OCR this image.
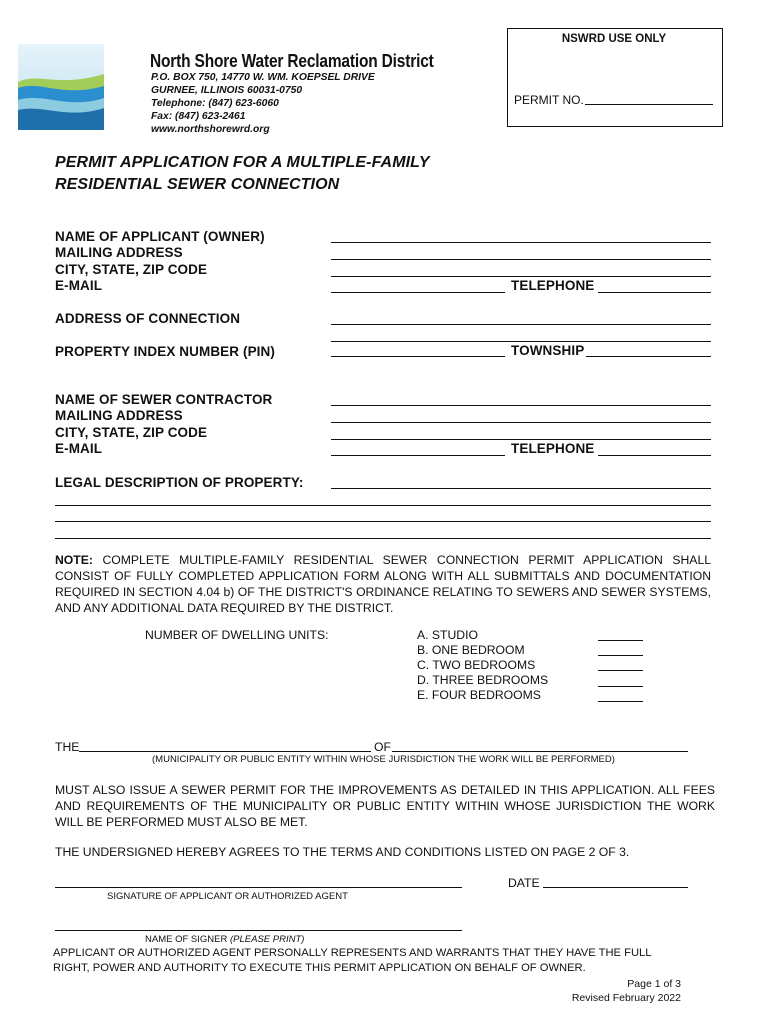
North Shore Water Reclamation District
P.O. BOX 750, 14770 W. WM. KOEPSEL DRIVE
GURNEE, ILLINOIS 60031-0750
Telephone: (847) 623-6060
Fax: (847) 623-2461
www.northshorewrd.org
NSWRD USE ONLY
PERMIT NO.
PERMIT APPLICATION FOR A MULTIPLE-FAMILY
RESIDENTIAL SEWER CONNECTION
NAME OF APPLICANT (OWNER)
MAILING ADDRESS
CITY, STATE, ZIP CODE
E-MAIL	TELEPHONE
ADDRESS OF CONNECTION
PROPERTY INDEX NUMBER (PIN)	TOWNSHIP
NAME OF SEWER CONTRACTOR
MAILING ADDRESS
CITY, STATE, ZIP CODE
E-MAIL	TELEPHONE
LEGAL DESCRIPTION OF PROPERTY:
NOTE: COMPLETE MULTIPLE-FAMILY RESIDENTIAL SEWER CONNECTION PERMIT APPLICATION SHALL CONSIST OF FULLY COMPLETED APPLICATION FORM ALONG WITH ALL SUBMITTALS AND DOCUMENTATION REQUIRED IN SECTION 4.04 b) OF THE DISTRICT'S ORDINANCE RELATING TO SEWERS AND SEWER SYSTEMS, AND ANY ADDITIONAL DATA REQUIRED BY THE DISTRICT.
NUMBER OF DWELLING UNITS:	A. STUDIO
B. ONE BEDROOM
C. TWO BEDROOMS
D. THREE BEDROOMS
E. FOUR BEDROOMS
THE	OF
(MUNICIPALITY OR PUBLIC ENTITY WITHIN WHOSE JURISDICTION THE WORK WILL BE PERFORMED)
MUST ALSO ISSUE A SEWER PERMIT FOR THE IMPROVEMENTS AS DETAILED IN THIS APPLICATION. ALL FEES AND REQUIREMENTS OF THE MUNICIPALITY OR PUBLIC ENTITY WITHIN WHOSE JURISDICTION THE WORK WILL BE PERFORMED MUST ALSO BE MET.
THE UNDERSIGNED HEREBY AGREES TO THE TERMS AND CONDITIONS LISTED ON PAGE 2 OF 3.
DATE
SIGNATURE OF APPLICANT OR AUTHORIZED AGENT
NAME OF SIGNER (PLEASE PRINT)
APPLICANT OR AUTHORIZED AGENT PERSONALLY REPRESENTS AND WARRANTS THAT THEY HAVE THE FULL
RIGHT, POWER AND AUTHORITY TO EXECUTE THIS PERMIT APPLICATION ON BEHALF OF OWNER.
Page 1 of 3
Revised February 2022
